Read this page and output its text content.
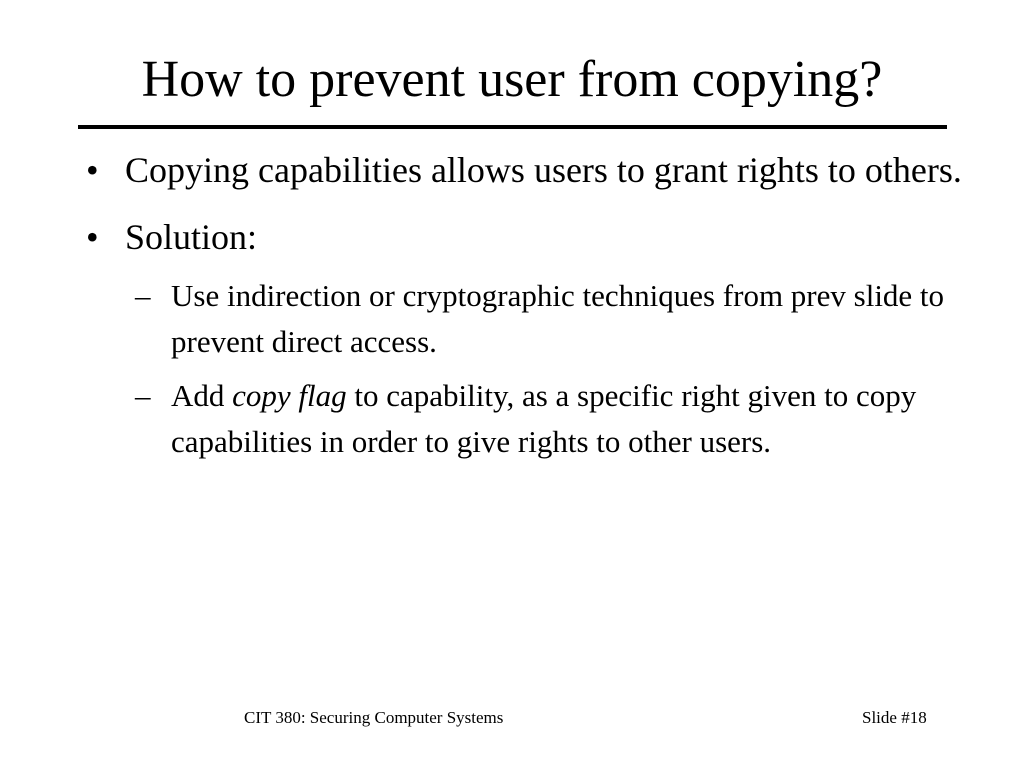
How to prevent user from copying?
• Copying capabilities allows users to grant rights to others.
• Solution:
– Use indirection or cryptographic techniques from prev slide to prevent direct access.
– Add copy flag to capability, as a specific right given to copy capabilities in order to give rights to other users.
CIT 380: Securing Computer Systems	Slide #18
